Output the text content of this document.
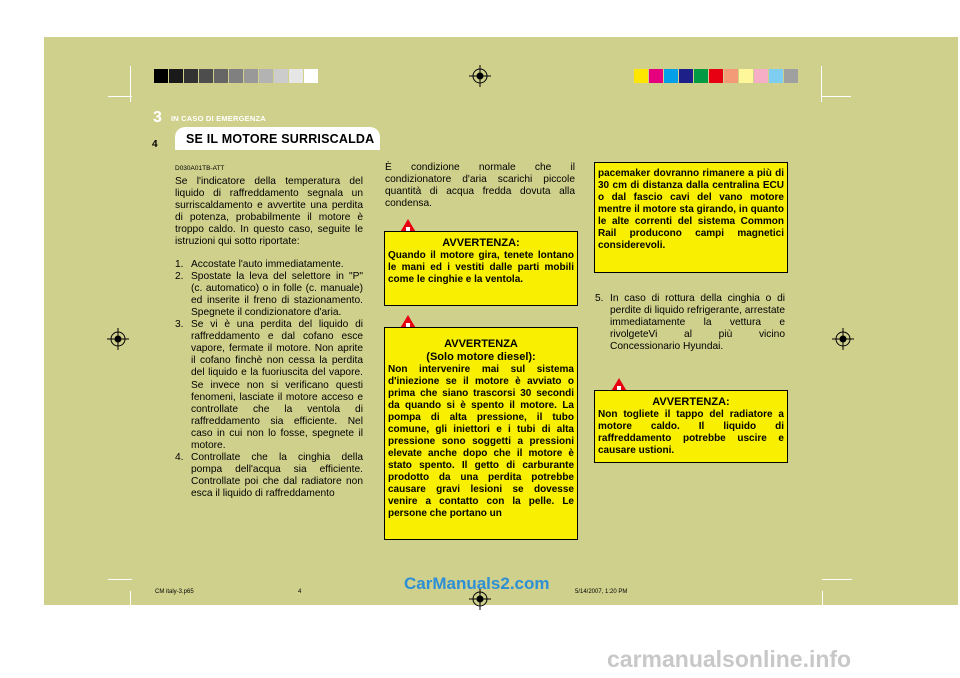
3 IN CASO DI EMERGENZA
SE IL MOTORE SURRISCALDA
4
D030A01TB-ATT

Se l'indicatore della temperatura del liquido di raffreddamento segnala un surriscaldamento e avvertite una perdita di potenza, probabilmente il motore è troppo caldo. In questo caso, seguite le istruzioni qui sotto riportate:

1. Accostate l'auto immediatamente.
2. Spostate la leva del selettore in "P" (c. automatico) o in folle (c. manuale) ed inserite il freno di stazionamento. Spegnete il condizionatore d'aria.
3. Se vi è una perdita del liquido di raffreddamento e dal cofano esce vapore, fermate il motore. Non aprite il cofano finchè non cessa la perdita del liquido e la fuoriuscita del vapore. Se invece non si verificano questi fenomeni, lasciate il motore acceso e controllate che la ventola di raffreddamento sia efficiente. Nel caso in cui non lo fosse, spegnete il motore.
4. Controllate che la cinghia della pompa dell'acqua sia efficiente. Controllate poi che dal radiatore non esca il liquido di raffreddamento

È condizione normale che il condizionatore d'aria scarichi piccole quantità di acqua fredda dovuta alla condensa.

AVVERTENZA:
Quando il motore gira, tenete lontano le mani ed i vestiti dalle parti mobili come le cinghie e la ventola.
AVVERTENZA
(Solo motore diesel):
Non intervenire mai sul sistema d'iniezione se il motore è avviato o prima che siano trascorsi 30 secondi da quando si è spento il motore. La pompa di alta pressione, il tubo comune, gli iniettori e i tubi di alta pressione sono soggetti a pressioni elevate anche dopo che il motore è stato spento. Il getto di carburante prodotto da una perdita potrebbe causare gravi lesioni se dovesse venire a contatto con la pelle. Le persone che portano un
pacemaker dovranno rimanere a più di 30 cm di distanza dalla centralina ECU o dal fascio cavi del vano motore mentre il motore sta girando, in quanto le alte correnti del sistema Common Rail producono campi magnetici considerevoli.
5. In caso di rottura della cinghia o di perdite di liquido refrigerante, arrestate immediatamente la vettura e rivolgeteVi al più vicino Concessionario Hyundai.
AVVERTENZA:
Non togliete il tappo del radiatore a motore caldo. Il liquido di raffreddamento potrebbe uscire e causare ustioni.
CM italy-3.p65	4	5/14/2007, 1:20 PM
CarManuals2.com
carmanualsonline.info
